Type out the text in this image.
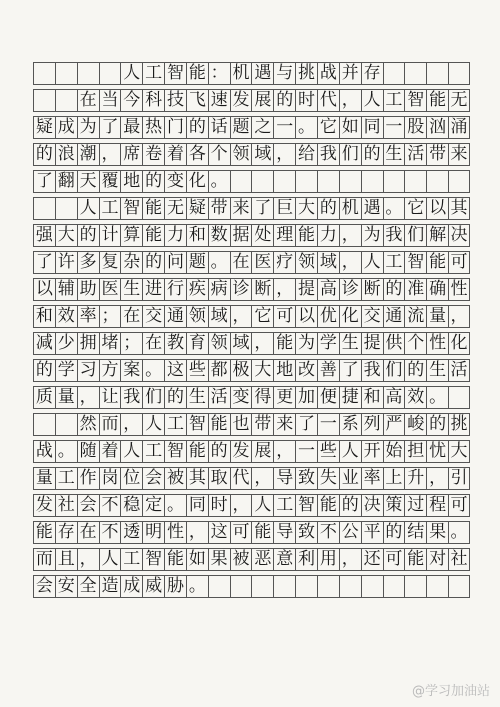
人 工 智 能 ： 机 遇 与 挑 战 并 存
在 当 今 科 技 飞 速 发 展 的 时 代 ， 人 工 智 能 无
疑 成 为 了 最 热 门 的 话 题 之 一 。 它 如 同 一 股 汹 涌
的 浪 潮 ， 席 卷 着 各 个 领 域 ， 给 我 们 的 生 活 带 来
了 翻 天 覆 地 的 变 化 。
人 工 智 能 无 疑 带 来 了 巨 大 的 机 遇 。 它 以 其
强 大 的 计 算 能 力 和 数 据 处 理 能 力 ， 为 我 们 解 决
了 许 多 复 杂 的 问 题 。 在 医 疗 领 域 ， 人 工 智 能 可
以 辅 助 医 生 进 行 疾 病 诊 断 ， 提 高 诊 断 的 准 确 性
和 效 率 ； 在 交 通 领 域 ， 它 可 以 优 化 交 通 流 量 ，
减 少 拥 堵 ； 在 教 育 领 域 ， 能 为 学 生 提 供 个 性 化
的 学 习 方 案 。 这 些 都 极 大 地 改 善 了 我 们 的 生 活
质 量 ， 让 我 们 的 生 活 变 得 更 加 便 捷 和 高 效 。
然 而 ， 人 工 智 能 也 带 来 了 一 系 列 严 峻 的 挑
战 。 随 着 人 工 智 能 的 发 展 ， 一 些 人 开 始 担 忧 大
量 工 作 岗 位 会 被 其 取 代 ， 导 致 失 业 率 上 升 ， 引
发 社 会 不 稳 定 。 同 时 ， 人 工 智 能 的 决 策 过 程 可
能 存 在 不 透 明 性 ， 这 可 能 导 致 不 公 平 的 结 果 。
而 且 ， 人 工 智 能 如 果 被 恶 意 利 用 ， 还 可 能 对 社
会 安 全 造 成 威 胁 。
@学习加油站
